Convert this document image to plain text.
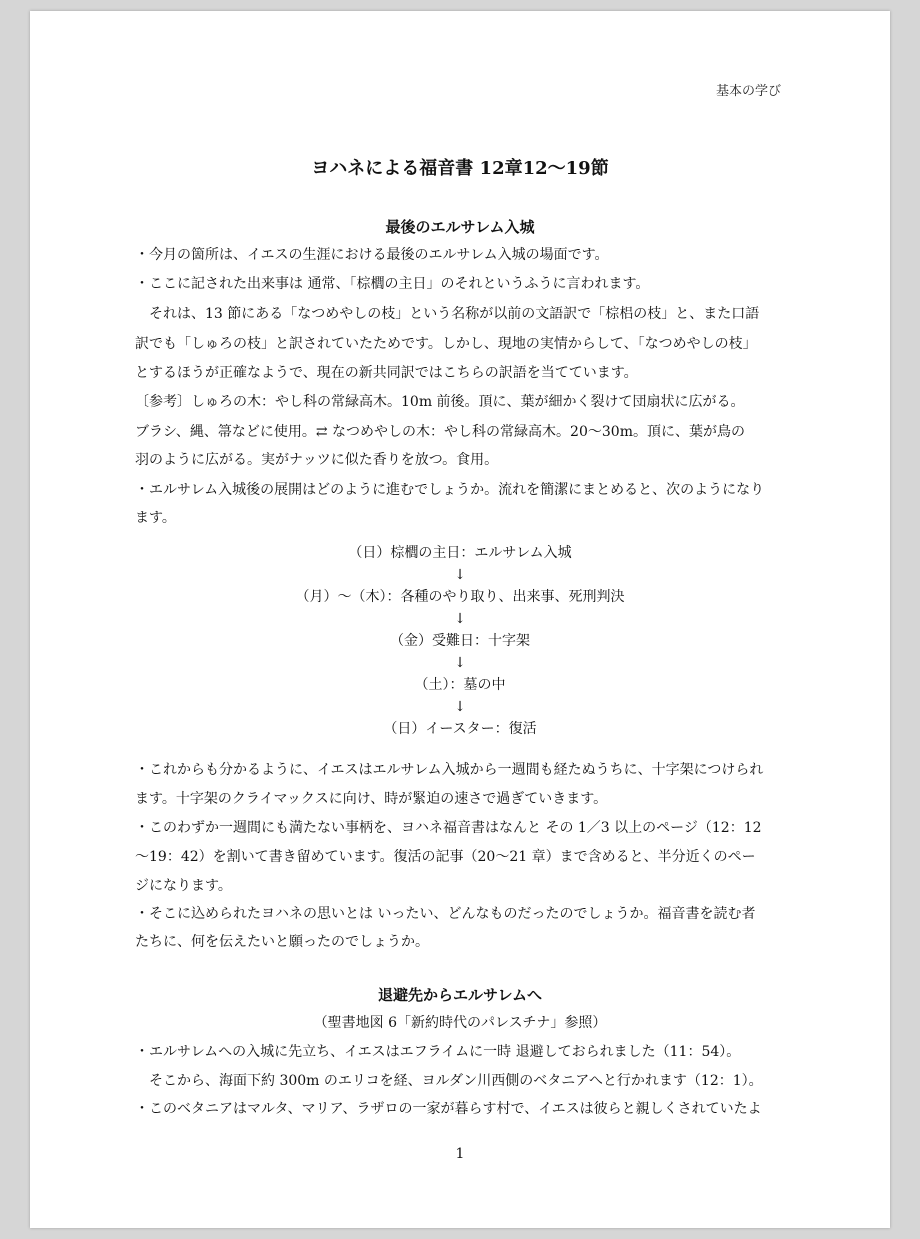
基本の学び
ヨハネによる福音書 12章12〜19節
最後のエルサレム入城
・今月の箇所は、イエスの生涯における最後のエルサレム入城の場面です。
・ここに記された出来事は 通常、「棕櫚の主日」のそれというふうに言われます。
　それは、13 節にある「なつめやしの枝」という名称が以前の文語訳で「棕梠の枝」と、また口語
訳でも「しゅろの枝」と訳されていたためです。しかし、現地の実情からして、「なつめやしの枝」
とするほうが正確なようで、現在の新共同訳ではこちらの訳語を当てています。
〔参考〕しゅろの木：やし科の常緑高木。10m 前後。頂に、葉が細かく裂けて団扇状に広がる。
ブラシ、縄、箒などに使用。⇄ なつめやしの木：やし科の常緑高木。20〜30m。頂に、葉が鳥の
羽のように広がる。実がナッツに似た香りを放つ。食用。
・エルサレム入城後の展開はどのように進むでしょうか。流れを簡潔にまとめると、次のようになり
ます。
（日）棕櫚の主日：エルサレム入城
↓
（月）〜（木）：各種のやり取り、出来事、死刑判決
↓
（金）受難日：十字架
↓
（土）：墓の中
↓
（日）イースター：復活
・これからも分かるように、イエスはエルサレム入城から一週間も経たぬうちに、十字架につけられ
ます。十字架のクライマックスに向け、時が緊迫の速さで過ぎていきます。
・このわずか一週間にも満たない事柄を、ヨハネ福音書はなんと その 1／3 以上のページ（12：12
〜19：42）を割いて書き留めています。復活の記事（20〜21 章）まで含めると、半分近くのペー
ジになります。
・そこに込められたヨハネの思いとは いったい、どんなものだったのでしょうか。福音書を読む者
たちに、何を伝えたいと願ったのでしょうか。
退避先からエルサレムへ
（聖書地図 6「新約時代のパレスチナ」参照）
・エルサレムへの入城に先立ち、イエスはエフライムに一時 退避しておられました（11：54）。
　そこから、海面下約 300m のエリコを経、ヨルダン川西側のベタニアへと行かれます（12：1）。
・このベタニアはマルタ、マリア、ラザロの一家が暮らす村で、イエスは彼らと親しくされていたよ
1
